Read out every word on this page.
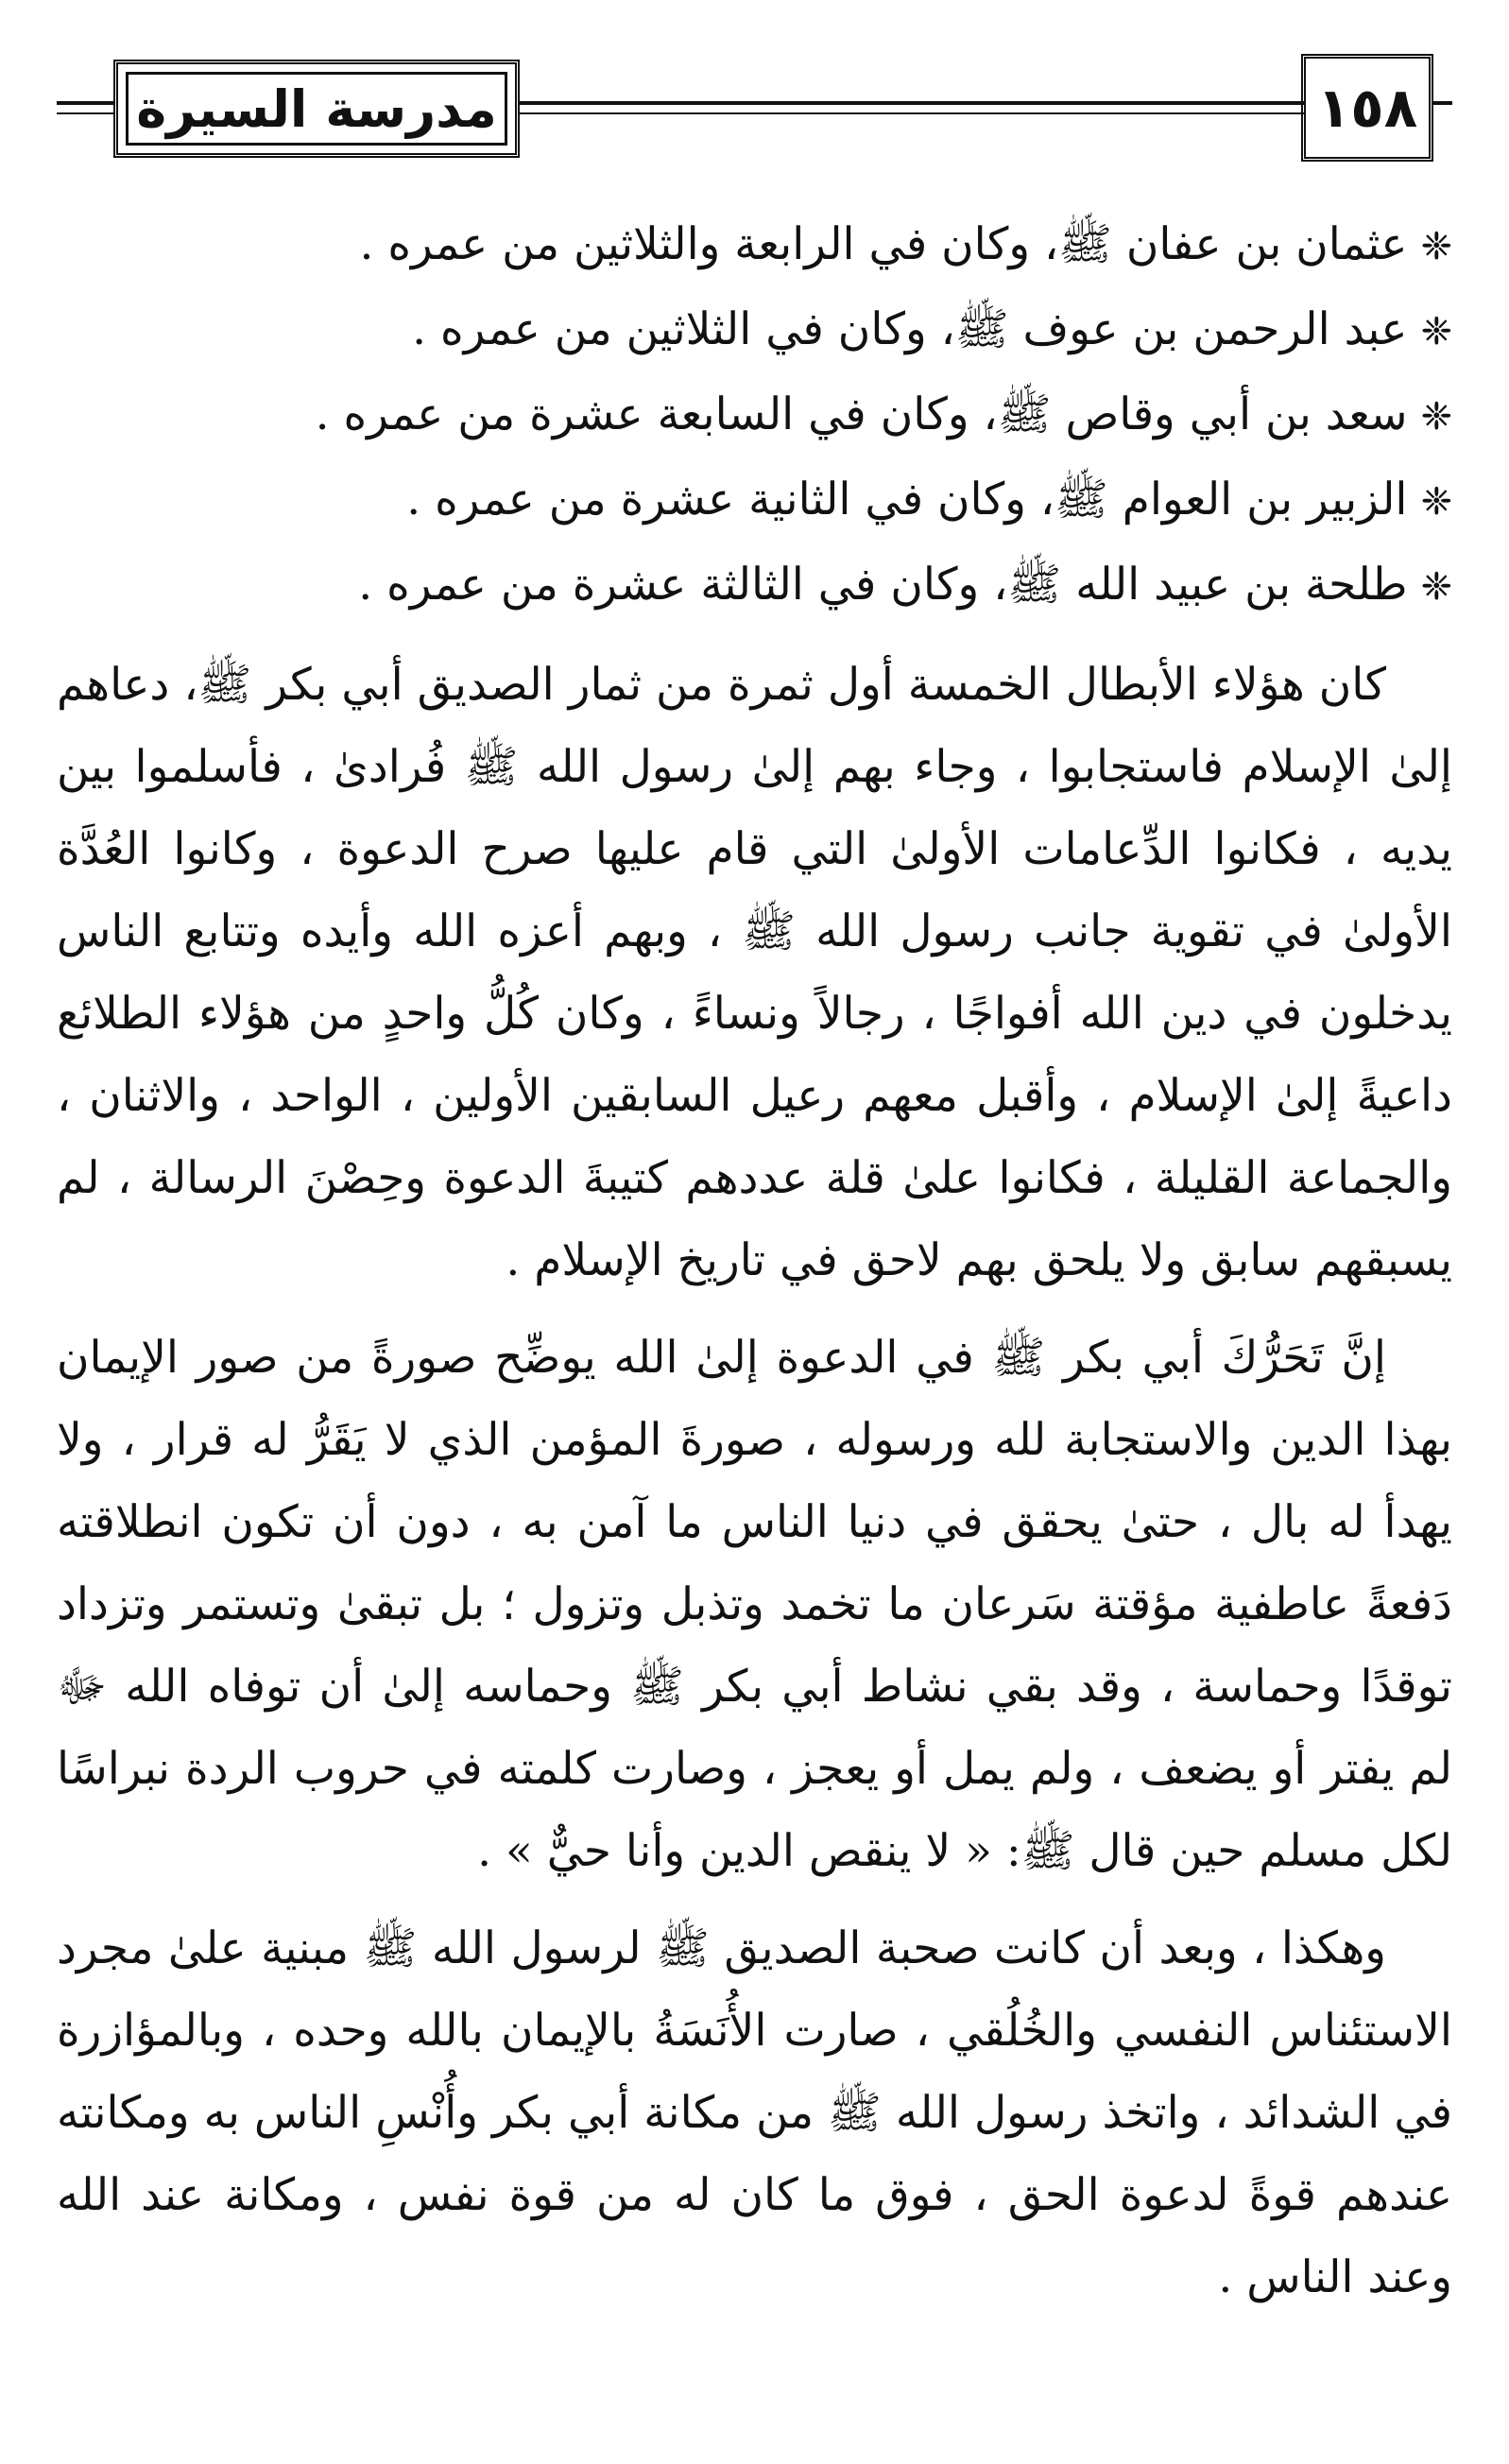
مدرسة السيرة	١٥٨
❈عثمان بن عفان ﷺ، وكان في الرابعة والثلاثين من عمره .
❈عبد الرحمن بن عوف ﷺ، وكان في الثلاثين من عمره .
❈سعد بن أبي وقاص ﷺ، وكان في السابعة عشرة من عمره .
❈الزبير بن العوام ﷺ، وكان في الثانية عشرة من عمره .
❈طلحة بن عبيد الله ﷺ، وكان في الثالثة عشرة من عمره .

كان هؤلاء الأبطال الخمسة أول ثمرة من ثمار الصديق أبي بكر ﷺ، دعاهم إلىٰ الإسلام فاستجابوا ، وجاء بهم إلىٰ رسول الله ﷺ فُرادىٰ ، فأسلموا بين يديه ، فكانوا الدِّعامات الأولىٰ التي قام عليها صرح الدعوة ، وكانوا العُدَّة الأولىٰ في تقوية جانب رسول الله ﷺ ، وبهم أعزه الله وأيده وتتابع الناس يدخلون في دين الله أفواجًا ، رجالاً ونساءً ، وكان كُلُّ واحدٍ من هؤلاء الطلائع داعيةً إلىٰ الإسلام ، وأقبل معهم رعيل السابقين الأولين ، الواحد ، والاثنان ، والجماعة القليلة ، فكانوا علىٰ قلة عددهم كتيبةَ الدعوة وحِصْنَ الرسالة ، لم يسبقهم سابق ولا يلحق بهم لاحق في تاريخ الإسلام .

إنَّ تَحَرُّكَ أبي بكر ﷺ في الدعوة إلىٰ الله يوضِّح صورةً من صور الإيمان بهذا الدين والاستجابة لله ورسوله ، صورةَ المؤمن الذي لا يَقَرُّ له قرار ، ولا يهدأ له بال ، حتىٰ يحقق في دنيا الناس ما آمن به ، دون أن تكون انطلاقته دَفعةً عاطفية مؤقتة سَرعان ما تخمد وتذبل وتزول ؛ بل تبقىٰ وتستمر وتزداد توقدًا وحماسة ، وقد بقي نشاط أبي بكر ﷺ وحماسه إلىٰ أن توفاه الله ﷻ لم يفتر أو يضعف ، ولم يمل أو يعجز ، وصارت كلمته في حروب الردة نبراسًا لكل مسلم حين قال ﷺ: « لا ينقص الدين وأنا حيٌّ » .

وهكذا ، وبعد أن كانت صحبة الصديق ﷺ لرسول الله ﷺ مبنية علىٰ مجرد الاستئناس النفسي والخُلُقي ، صارت الأُنَسَةُ بالإيمان بالله وحده ، وبالمؤازرة في الشدائد ، واتخذ رسول الله ﷺ من مكانة أبي بكر وأُنْسِ الناس به ومكانته عندهم قوةً لدعوة الحق ، فوق ما كان له من قوة نفس ، ومكانة عند الله وعند الناس .
